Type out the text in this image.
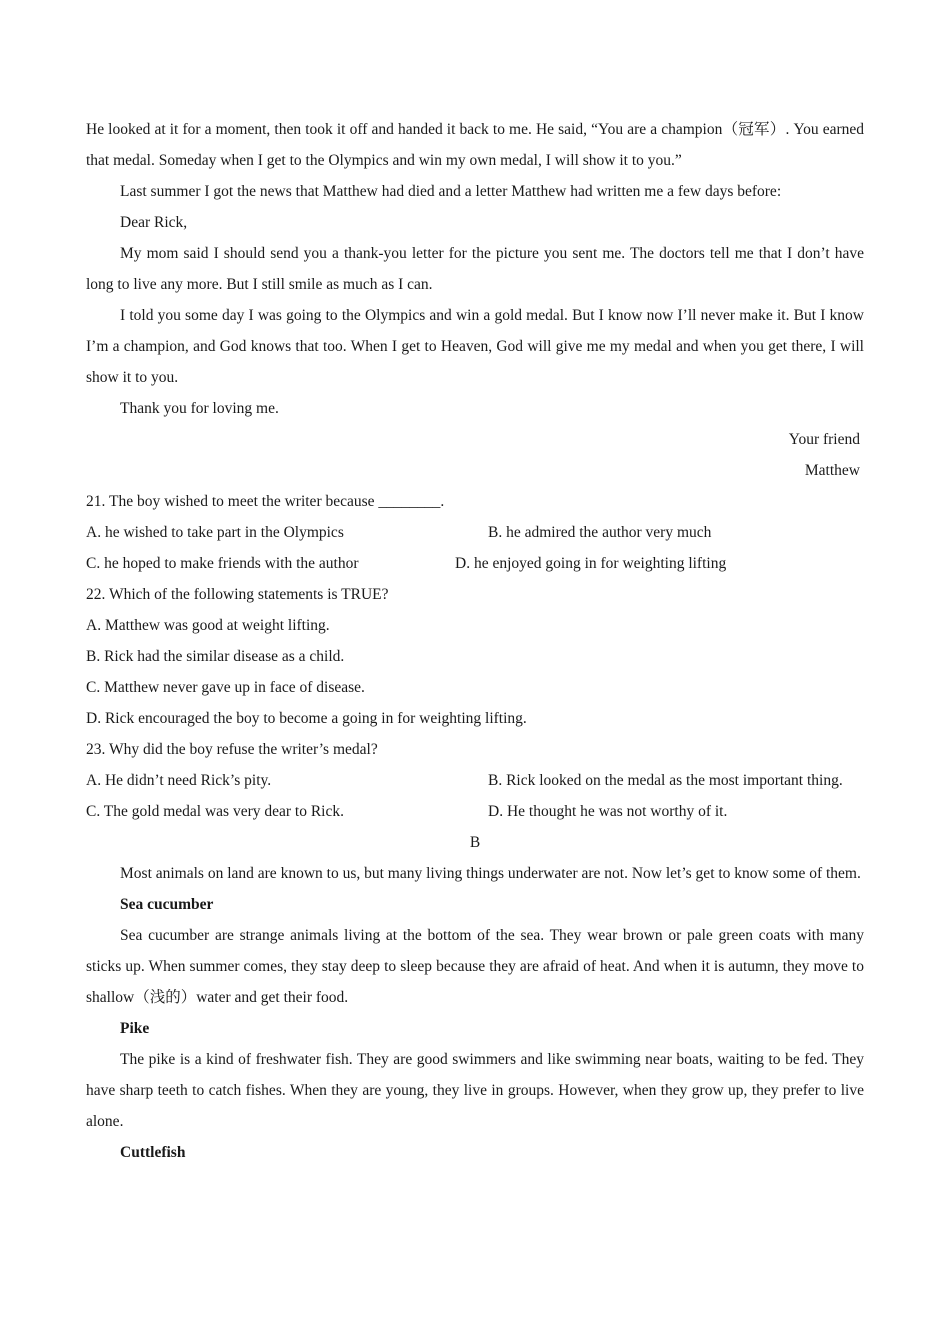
He looked at it for a moment, then took it off and handed it back to me. He said, “You are a champion（冠军）. You earned that medal. Someday when I get to the Olympics and win my own medal, I will show it to you.”

Last summer I got the news that Matthew had died and a letter Matthew had written me a few days before:

Dear Rick,

My mom said I should send you a thank-you letter for the picture you sent me. The doctors tell me that I don’t have long to live any more. But I still smile as much as I can.

I told you some day I was going to the Olympics and win a gold medal. But I know now I’ll never make it. But I know I’m a champion, and God knows that too. When I get to Heaven, God will give me my medal and when you get there, I will show it to you.

Thank you for loving me.

Your friend

Matthew

21. The boy wished to meet the writer because ________.

A. he wished to take part in the Olympics	B. he admired the author very much
C. he hoped to make friends with the author	D. he enjoyed going in for weighting lifting

22. Which of the following statements is TRUE?

A. Matthew was good at weight lifting.

B. Rick had the similar disease as a child.

C. Matthew never gave up in face of disease.

D. Rick encouraged the boy to become a going in for weighting lifting.

23. Why did the boy refuse the writer’s medal?

A. He didn’t need Rick’s pity.	B. Rick looked on the medal as the most important thing.
C. The gold medal was very dear to Rick.	D. He thought he was not worthy of it.

B

Most animals on land are known to us, but many living things underwater are not. Now let’s get to know some of them.

Sea cucumber

Sea cucumber are strange animals living at the bottom of the sea. They wear brown or pale green coats with many sticks up. When summer comes, they stay deep to sleep because they are afraid of heat. And when it is autumn, they move to shallow（浅的）water and get their food.

Pike

The pike is a kind of freshwater fish. They are good swimmers and like swimming near boats, waiting to be fed. They have sharp teeth to catch fishes. When they are young, they live in groups. However, when they grow up, they prefer to live alone.

Cuttlefish
